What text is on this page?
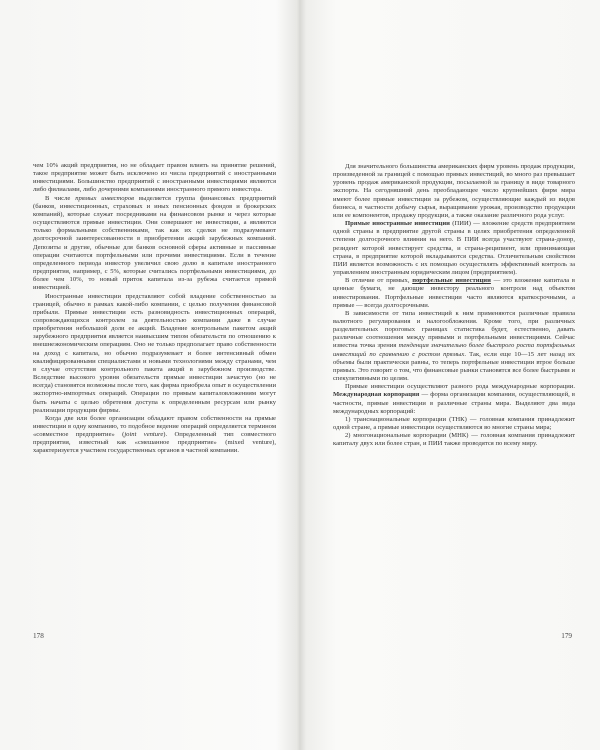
чем 10% акций предприятия, но не обладает правом влиять на принятие решений, такое предприятие может быть исключено из числа предприятий с иностранными инвестициями. Большинство предприятий с иностранными инвестициями являются либо филиалами, либо дочерними компаниями иностранного прямого инвестора.

В числе прямых инвесторов выделяется группа финансовых предприятий (банков, инвестиционных, страховых и иных пенсионных фондов и брокерских компаний), которые служат посредниками на финансовом рынке и через которые осуществляются прямые инвестиции. Они совершают не инвестиции, а являются только формальными собственниками, так как их сделки не подразумевают долгосрочной заинтересованности в приобретении акций зарубежных компаний. Депозиты и другие, обычные для банков основной сферы активные и пассивные операции считаются портфельными или прочими инвестициями. Если в течение определенного периода инвестор увеличил свою долю в капитале иностранного предприятия, например, с 5%, которые считались портфельными инвестициями, до более чем 10%, то новый приток капитала из-за рубежа считается прямой инвестицией.

Иностранные инвестиции представляют собой владение собственностью за границей, обычно в рамках какой-либо компании, с целью получения финансовой прибыли. Прямые инвестиции есть разновидность инвестиционных операций, сопровождающихся контролем за деятельностью компании даже в случае приобретения небольшой доли ее акций. Владение контрольным пакетом акций зарубежного предприятия является наивысшим типом обязательств по отношению к внешнеэкономическим операциям. Оно не только предполагает право собственности на доход с капитала, но обычно подразумевает и более интенсивный обмен квалифицированными специалистами и новыми технологиями между странами, чем в случае отсутствия контрольного пакета акций в зарубежном производстве. Вследствие высокого уровня обязательств прямые инвестиции зачастую (но не всегда) становятся возможны после того, как фирма приобрела опыт в осуществлении экспортно-импортных операций. Операции по прямым капиталовложениям могут быть начаты с целью обретения доступа к определенным ресурсам или рынку реализации продукции фирмы.

Когда две или более организации обладают правом собственности на прямые инвестиции в одну компанию, то подобное ведение операций определяется термином «совместное предприятие» (joint venture). Определенный тип совместного предприятия, известный как «смешанное предприятие» (mixed venture), характеризуется участием государственных органов в частной компании.

178

Для значительного большинства американских фирм уровень продаж продукции, произведенной за границей с помощью прямых инвестиций, во много раз превышает уровень продаж американской продукции, посылаемой за границу в виде товарного экспорта. На сегодняшний день преобладающее число крупнейших фирм мира имеют более прямые инвестиции за рубежом, осуществляющие каждый из видов бизнеса, в частности добычу сырья, выращивание урожая, производство продукции или ее компонентов, продажу продукции, а также оказание различного рода услуг.

Прямые иностранные инвестиции (ПИИ) — вложение средств предприятием одной страны в предприятие другой страны в целях приобретения определенной степени долгосрочного влияния на него. В ПИИ всегда участвуют страна-донор, резидент которой инвестирует средства, и страна-реципиент, или принимающая страна, в предприятие которой вкладываются средства. Отличительным свойством ПИИ является возможность с их помощью осуществлять эффективный контроль за управлением иностранным юридическим лицом (предприятием).

В отличие от прямых, портфельные инвестиции — это вложение капитала в ценные бумаги, не дающие инвестору реального контроля над объектом инвестирования. Портфельные инвестиции часто являются краткосрочными, а прямые — всегда долгосрочными.

В зависимости от типа инвестиций к ним применяются различные правила валютного регулирования и налогообложения. Кроме того, при различных разделительных пороговых границах статистика будет, естественно, давать различные соотношения между прямыми и портфельными инвестициями. Сейчас известна точка зрения тенденция значительно более быстрого роста портфельных инвестиций по сравнению с ростом прямых. Так, если еще 10—15 лет назад их объемы были практически равны, то теперь портфельные инвестиции втрое больше прямых. Это говорит о том, что финансовые рынки становятся все более быстрыми и спекулятивными по целям.

Прямые инвестиции осуществляют разного рода международные корпорации. Международная корпорация — форма организации компании, осуществляющей, в частности, прямые инвестиции в различные страны мира. Выделяют два вида международных корпораций:

1) транснациональные корпорации (ТНК) — головная компания принадлежит одной стране, а прямые инвестиции осуществляются во многие страны мира;

2) многонациональные корпорации (МНК) — головная компания принадлежит капиталу двух или более стран, и ПИИ также проводятся по всему миру.

179
